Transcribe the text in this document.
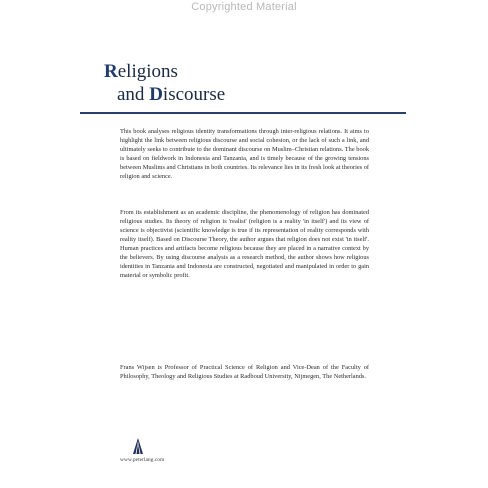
Copyrighted Material
Religions
and Discourse
This book analyses religious identity transformations through inter-religious relations. It aims to highlight the link between religious discourse and social cohesion, or the lack of such a link, and ultimately seeks to contribute to the dominant discourse on Muslim–Christian relations. The book is based on fieldwork in Indonesia and Tanzania, and is timely because of the growing tensions between Muslims and Christians in both countries. Its relevance lies in its fresh look at theories of religion and science.
From its establishment as an academic discipline, the phenomenology of religion has dominated religious studies. Its theory of religion is 'realist' (religion is a reality 'in itself') and its view of science is objectivist (scientific knowledge is true if its representation of reality corresponds with reality itself). Based on Discourse Theory, the author argues that religion does not exist 'in itself'. Human practices and artifacts become religious because they are placed in a narrative context by the believers. By using discourse analysis as a research method, the author shows how religious identities in Tanzania and Indonesia are constructed, negotiated and manipulated in order to gain material or symbolic profit.
Frans Wijsen is Professor of Practical Science of Religion and Vice-Dean of the Faculty of Philosophy, Theology and Religious Studies at Radboud University, Nijmegen, The Netherlands.
www.peterlang.com
